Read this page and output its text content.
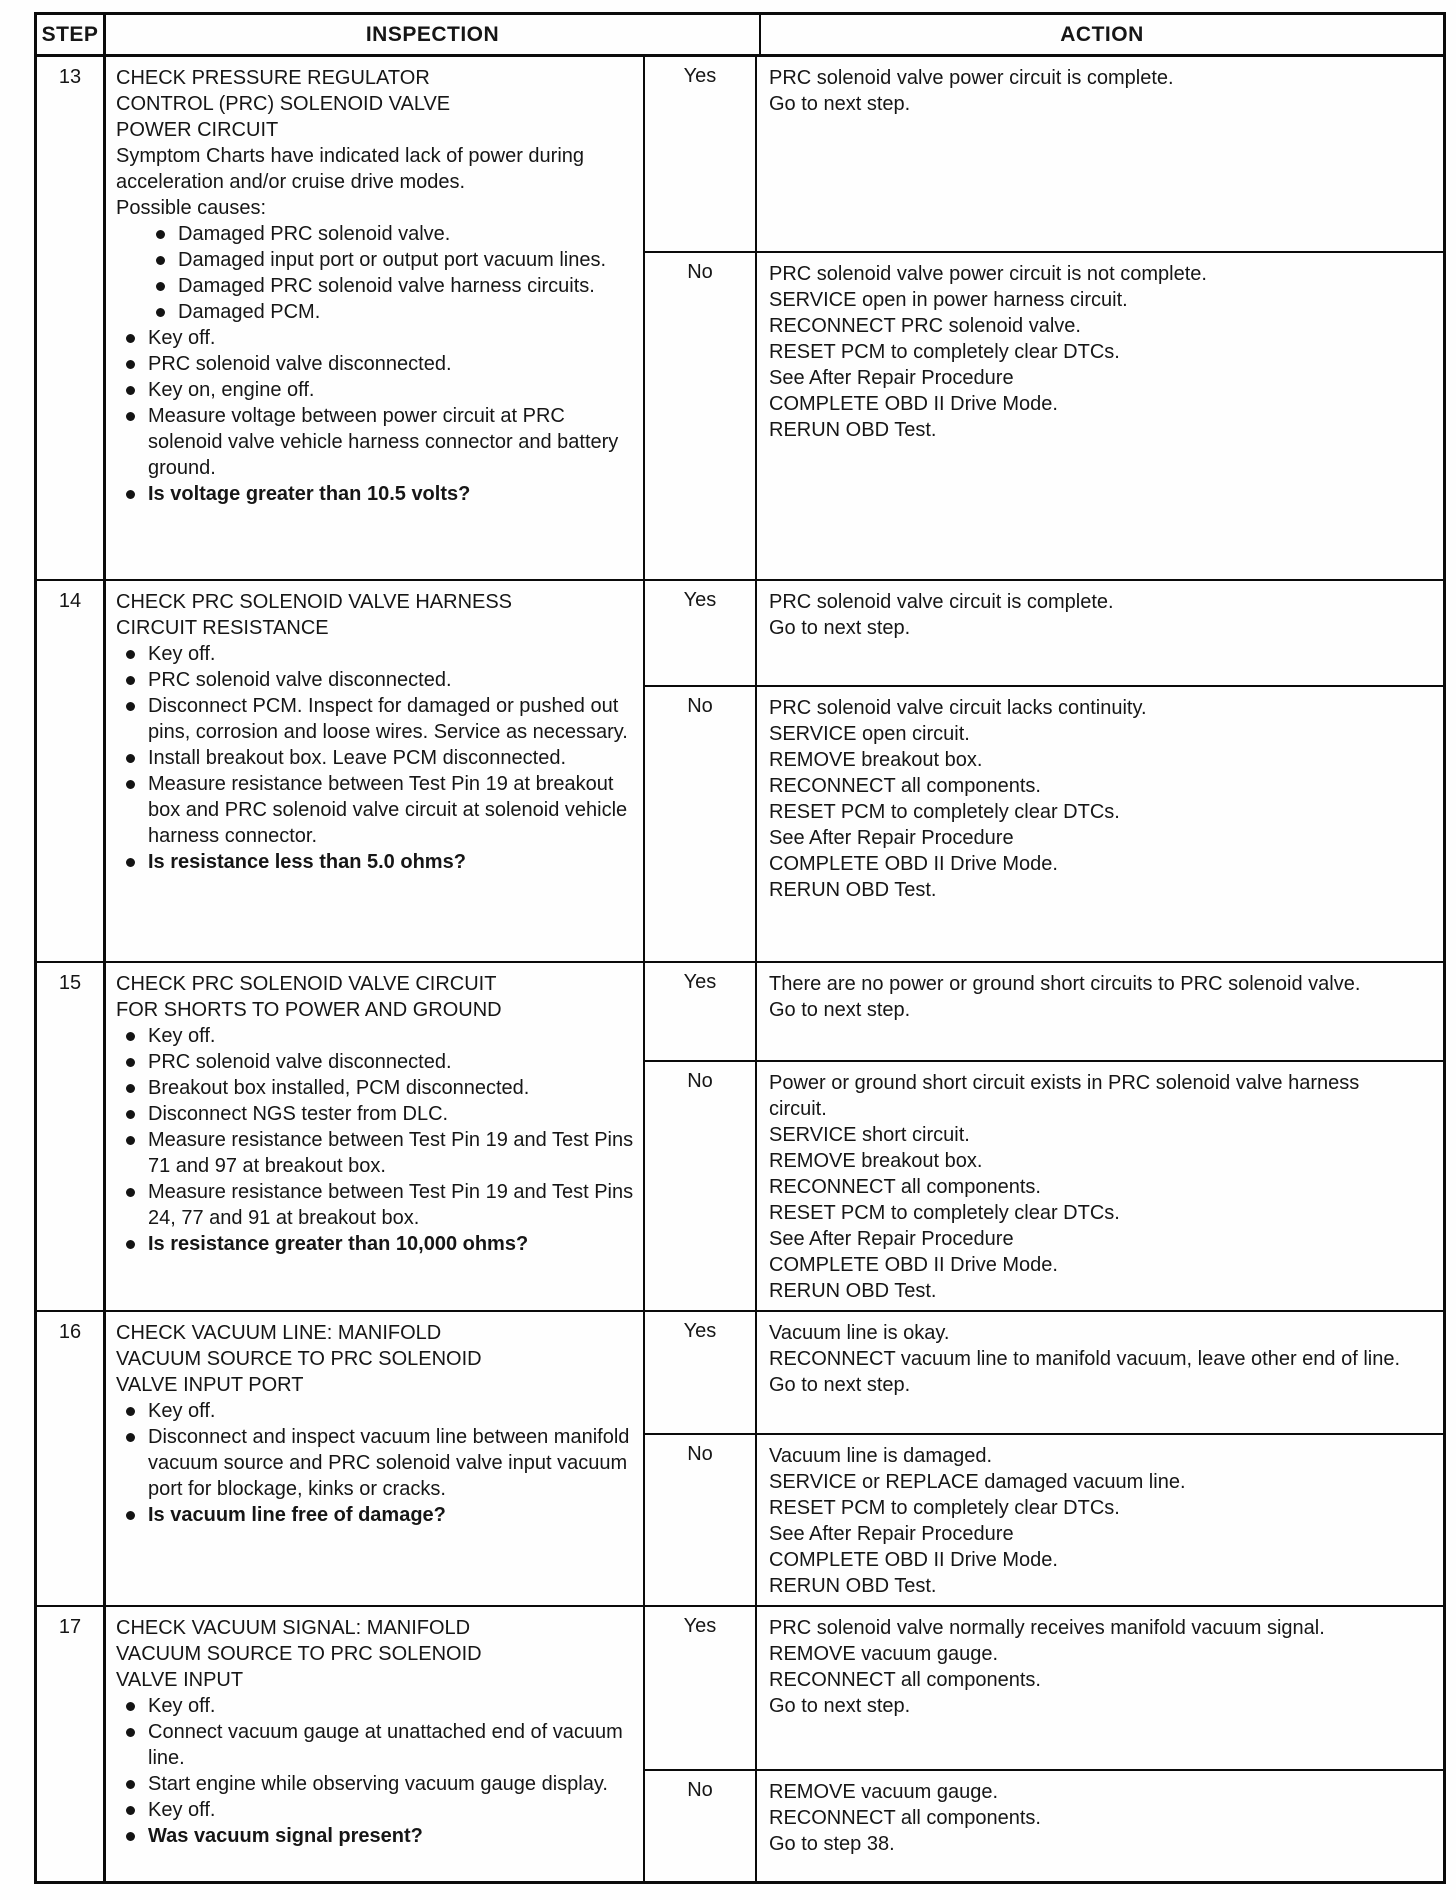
STEP	INSPECTION	ACTION
13	CHECK PRESSURE REGULATOR
CONTROL (PRC) SOLENOID VALVE
POWER CIRCUIT
Symptom Charts have indicated lack of power during acceleration and/or cruise drive modes.
Possible causes:
Damaged PRC solenoid valve.
Damaged input port or output port vacuum lines.
Damaged PRC solenoid valve harness circuits.
Damaged PCM.
Key off.
PRC solenoid valve disconnected.
Key on, engine off.
Measure voltage between power circuit at PRC solenoid valve vehicle harness connector and battery ground.
Is voltage greater than 10.5 volts?
Yes	PRC solenoid valve power circuit is complete.
Go to next step.
No	PRC solenoid valve power circuit is not complete.
SERVICE open in power harness circuit.
RECONNECT PRC solenoid valve.
RESET PCM to completely clear DTCs.
See After Repair Procedure
COMPLETE OBD II Drive Mode.
RERUN OBD Test.
14	CHECK PRC SOLENOID VALVE HARNESS
CIRCUIT RESISTANCE
Key off.
PRC solenoid valve disconnected.
Disconnect PCM. Inspect for damaged or pushed out pins, corrosion and loose wires. Service as necessary.
Install breakout box. Leave PCM disconnected.
Measure resistance between Test Pin 19 at breakout box and PRC solenoid valve circuit at solenoid vehicle harness connector.
Is resistance less than 5.0 ohms?
Yes	PRC solenoid valve circuit is complete.
Go to next step.
No	PRC solenoid valve circuit lacks continuity.
SERVICE open circuit.
REMOVE breakout box.
RECONNECT all components.
RESET PCM to completely clear DTCs.
See After Repair Procedure
COMPLETE OBD II Drive Mode.
RERUN OBD Test.
15	CHECK PRC SOLENOID VALVE CIRCUIT
FOR SHORTS TO POWER AND GROUND
Key off.
PRC solenoid valve disconnected.
Breakout box installed, PCM disconnected.
Disconnect NGS tester from DLC.
Measure resistance between Test Pin 19 and Test Pins 71 and 97 at breakout box.
Measure resistance between Test Pin 19 and Test Pins 24, 77 and 91 at breakout box.
Is resistance greater than 10,000 ohms?
Yes	There are no power or ground short circuits to PRC solenoid valve.
Go to next step.
No	Power or ground short circuit exists in PRC solenoid valve harness circuit.
SERVICE short circuit.
REMOVE breakout box.
RECONNECT all components.
RESET PCM to completely clear DTCs.
See After Repair Procedure
COMPLETE OBD II Drive Mode.
RERUN OBD Test.
16	CHECK VACUUM LINE: MANIFOLD
VACUUM SOURCE TO PRC SOLENOID
VALVE INPUT PORT
Key off.
Disconnect and inspect vacuum line between manifold vacuum source and PRC solenoid valve input vacuum port for blockage, kinks or cracks.
Is vacuum line free of damage?
Yes	Vacuum line is okay.
RECONNECT vacuum line to manifold vacuum, leave other end of line.
Go to next step.
No	Vacuum line is damaged.
SERVICE or REPLACE damaged vacuum line.
RESET PCM to completely clear DTCs.
See After Repair Procedure
COMPLETE OBD II Drive Mode.
RERUN OBD Test.
17	CHECK VACUUM SIGNAL: MANIFOLD
VACUUM SOURCE TO PRC SOLENOID
VALVE INPUT
Key off.
Connect vacuum gauge at unattached end of vacuum line.
Start engine while observing vacuum gauge display.
Key off.
Was vacuum signal present?
Yes	PRC solenoid valve normally receives manifold vacuum signal.
REMOVE vacuum gauge.
RECONNECT all components.
Go to next step.
No	REMOVE vacuum gauge.
RECONNECT all components.
Go to step 38.
